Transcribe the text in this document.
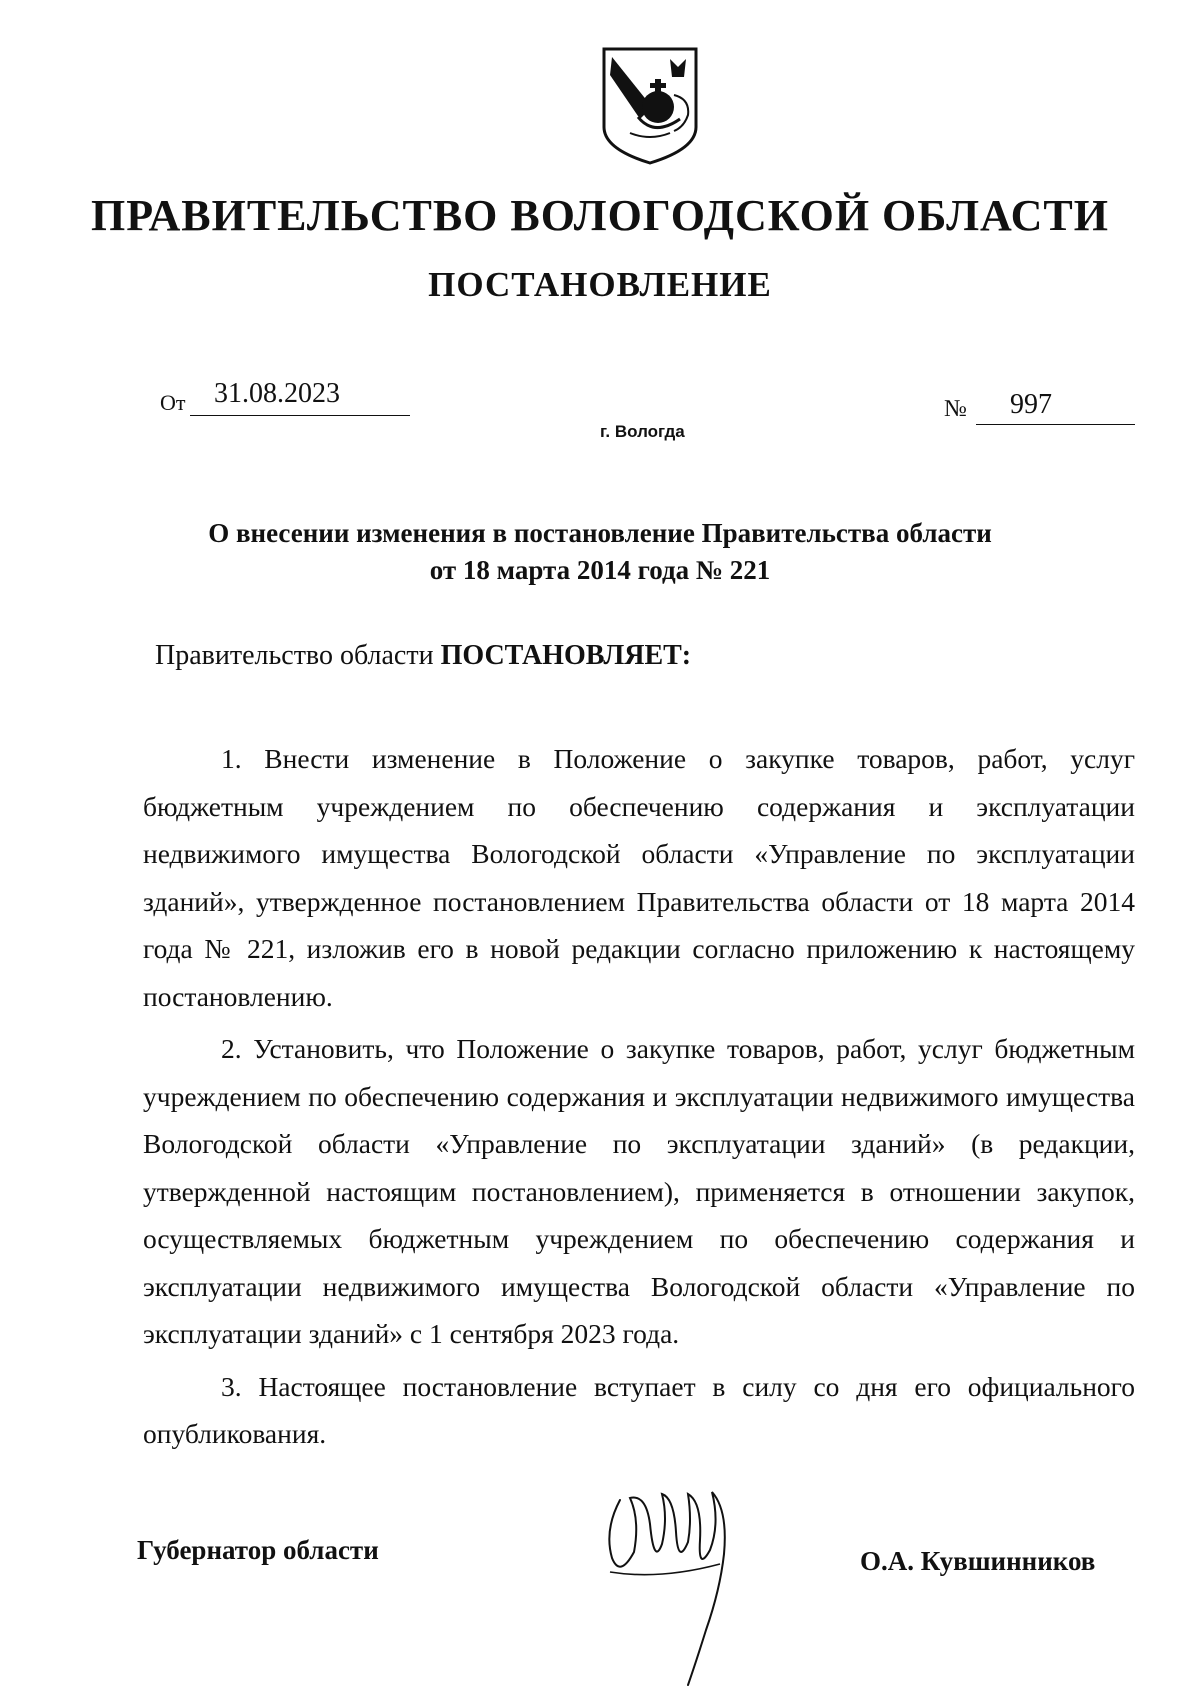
ПРАВИТЕЛЬСТВО ВОЛОГОДСКОЙ ОБЛАСТИ
ПОСТАНОВЛЕНИЕ
От	31.08.2023	№	997
г. Вологда
О внесении изменения в постановление Правительства области
от 18 марта 2014 года № 221
Правительство области ПОСТАНОВЛЯЕТ:

1. Внести изменение в Положение о закупке товаров, работ, услуг бюджетным учреждением по обеспечению содержания и эксплуатации недвижимого имущества Вологодской области «Управление по эксплуатации зданий», утвержденное постановлением Правительства области от 18 марта 2014 года № 221, изложив его в новой редакции согласно приложению к настоящему постановлению.

2. Установить, что Положение о закупке товаров, работ, услуг бюджетным учреждением по обеспечению содержания и эксплуатации недвижимого имущества Вологодской области «Управление по эксплуатации зданий» (в редакции, утвержденной настоящим постановлением), применяется в отношении закупок, осуществляемых бюджетным учреждением по обеспечению содержания и эксплуатации недвижимого имущества Вологодской области «Управление по эксплуатации зданий» с 1 сентября 2023 года.

3. Настоящее постановление вступает в силу со дня его официального опубликования.

Губернатор области	О.А. Кувшинников
